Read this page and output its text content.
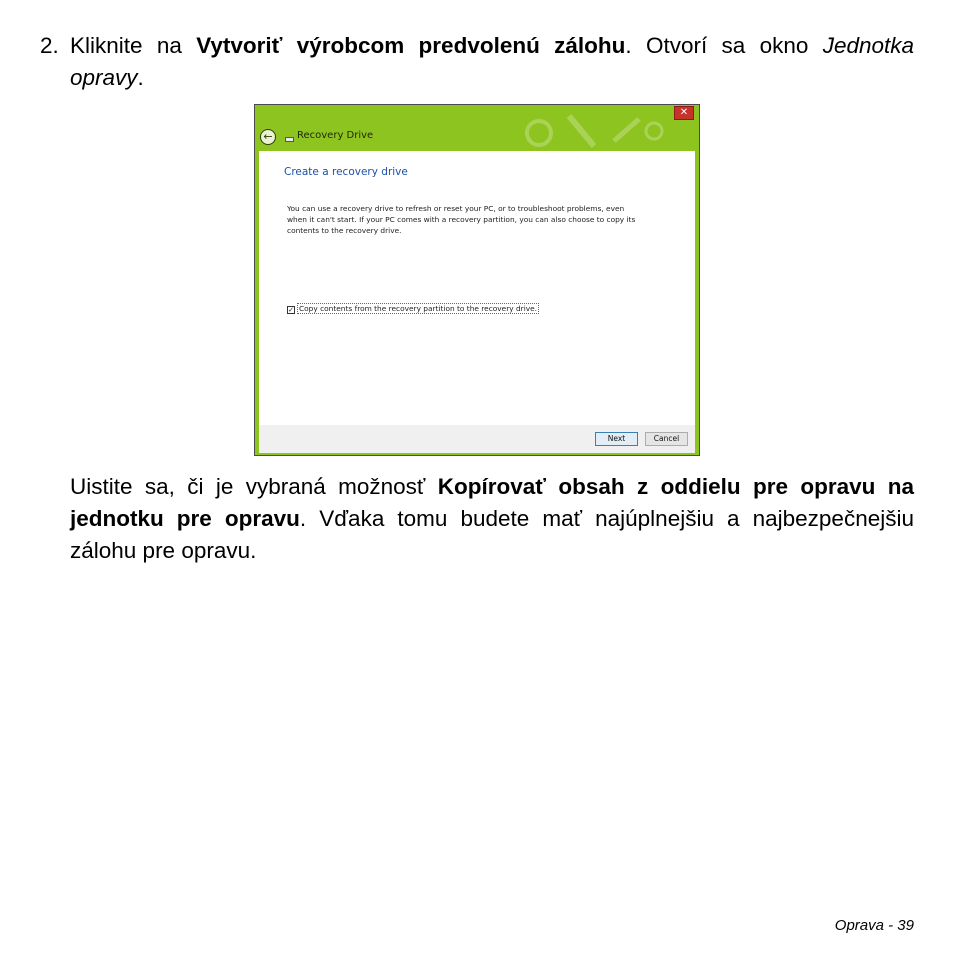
2. Kliknite na Vytvoriť výrobcom predvolenú zálohu. Otvorí sa okno Jednotka opravy.
✕
←	Recovery Drive
Create a recovery drive
You can use a recovery drive to refresh or reset your PC, or to troubleshoot problems, even when it can't start. If your PC comes with a recovery partition, you can also choose to copy its contents to the recovery drive.
✓ Copy contents from the recovery partition to the recovery drive.
Next	Cancel
Uistite sa, či je vybraná možnosť Kopírovať obsah z oddielu pre opravu na jednotku pre opravu. Vďaka tomu budete mať najúplnejšiu a najbezpečnejšiu zálohu pre opravu.
Oprava - 39
